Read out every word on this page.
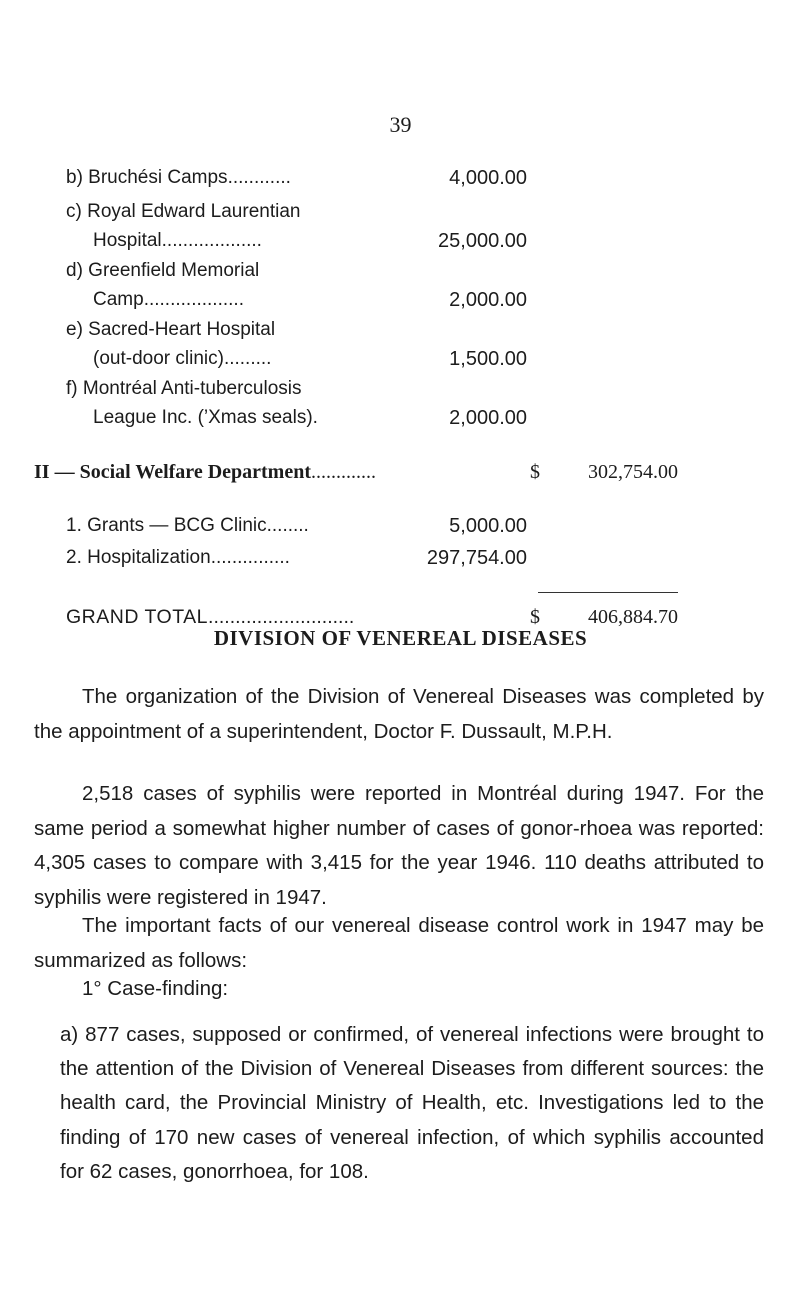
39
b) Bruchési Camps............	4,000.00
c) Royal Edward Laurentian
Hospital...................	25,000.00
d) Greenfield Memorial
Camp...................	2,000.00
e) Sacred-Heart Hospital
(out-door clinic).........	1,500.00
f) Montréal Anti-tuberculosis
League Inc. (’Xmas seals).	2,000.00
II — Social Welfare Department.............	$	302,754.00
1. Grants — BCG Clinic........	5,000.00
2. Hospitalization...............	297,754.00
GRAND TOTAL...........................	$	406,884.70
DIVISION OF VENEREAL DISEASES
The organization of the Division of Venereal Diseases was completed by the appointment of a superintendent, Doctor F. Dussault, M.P.H.
2,518 cases of syphilis were reported in Montréal during 1947. For the same period a somewhat higher number of cases of gonor-rhoea was reported: 4,305 cases to compare with 3,415 for the year 1946. 110 deaths attributed to syphilis were registered in 1947.
The important facts of our venereal disease control work in 1947 may be summarized as follows:
1° Case-finding:
a) 877 cases, supposed or confirmed, of venereal infections were brought to the attention of the Division of Venereal Diseases from different sources: the health card, the Provincial Ministry of Health, etc. Investigations led to the finding of 170 new cases of venereal infection, of which syphilis accounted for 62 cases, gonorrhoea, for 108.
